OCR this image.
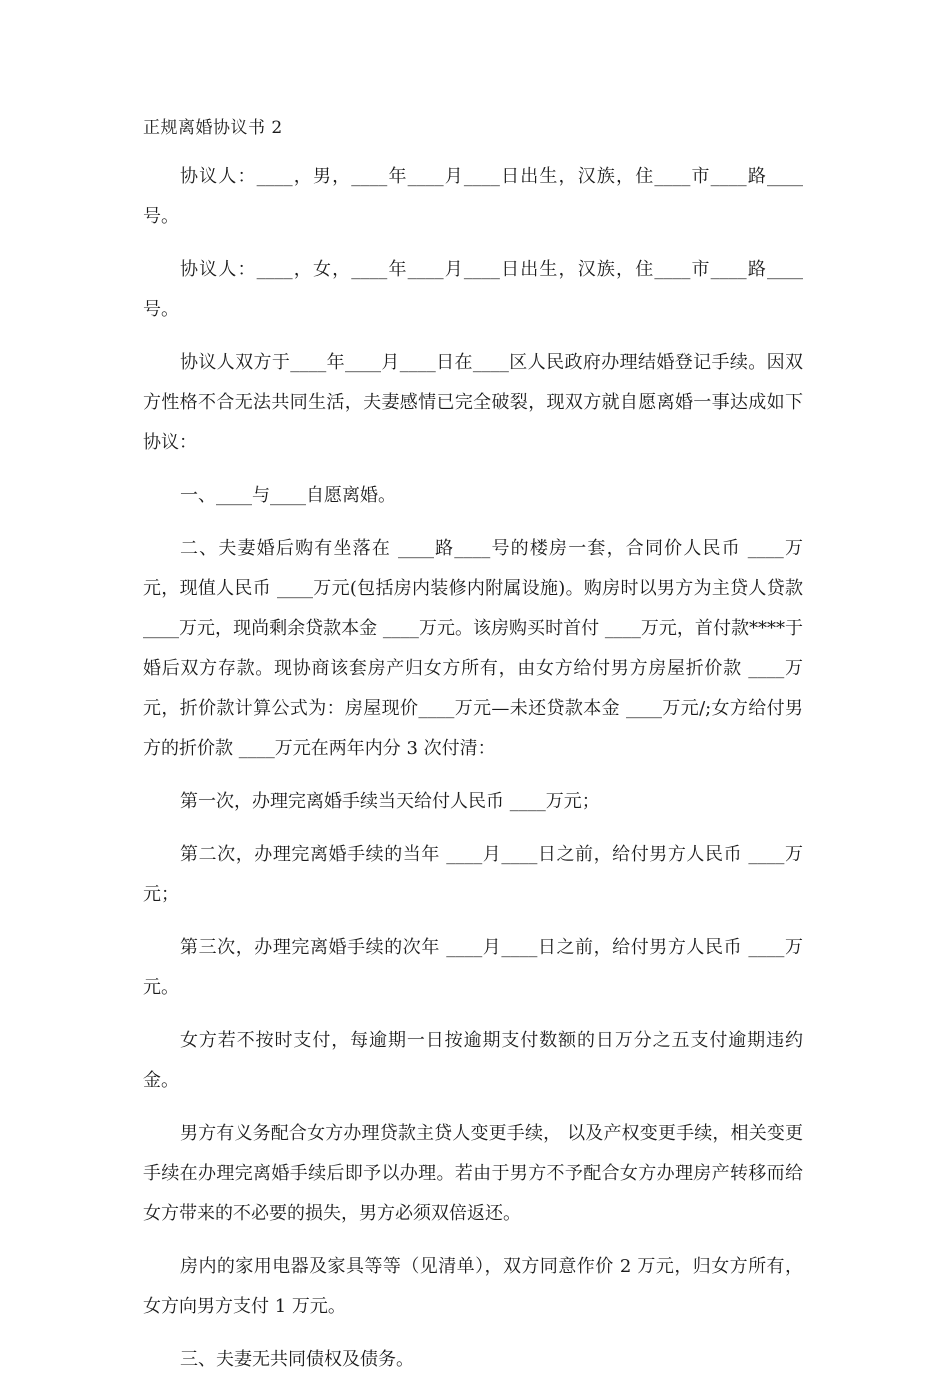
正规离婚协议书 2

协议人：____，男，____年____月____日出生，汉族，住____市____路____号。

协议人：____，女，____年____月____日出生，汉族，住____市____路____号。

协议人双方于____年____月____日在____区人民政府办理结婚登记手续。因双方性格不合无法共同生活，夫妻感情已完全破裂，现双方就自愿离婚一事达成如下协议：

一、____与____自愿离婚。

二、夫妻婚后购有坐落在 ____路____号的楼房一套，合同价人民币 ____万元，现值人民币 ____万元(包括房内装修内附属设施)。购房时以男方为主贷人贷款____万元，现尚剩余贷款本金 ____万元。该房购买时首付 ____万元，首付款****于婚后双方存款。现协商该套房产归女方所有，由女方给付男方房屋折价款 ____万元，折价款计算公式为：房屋现价____万元—未还贷款本金 ____万元/;女方给付男方的折价款 ____万元在两年内分 3 次付清：

第一次，办理完离婚手续当天给付人民币 ____万元；

第二次，办理完离婚手续的当年 ____月____日之前，给付男方人民币 ____万元；

第三次，办理完离婚手续的次年 ____月____日之前，给付男方人民币 ____万元。

女方若不按时支付，每逾期一日按逾期支付数额的日万分之五支付逾期违约金。

男方有义务配合女方办理贷款主贷人变更手续， 以及产权变更手续，相关变更手续在办理完离婚手续后即予以办理。若由于男方不予配合女方办理房产转移而给女方带来的不必要的损失，男方必须双倍返还。

房内的家用电器及家具等等（见清单），双方同意作价 2 万元，归女方所有，女方向男方支付 1 万元。

三、夫妻无共同债权及债务。
